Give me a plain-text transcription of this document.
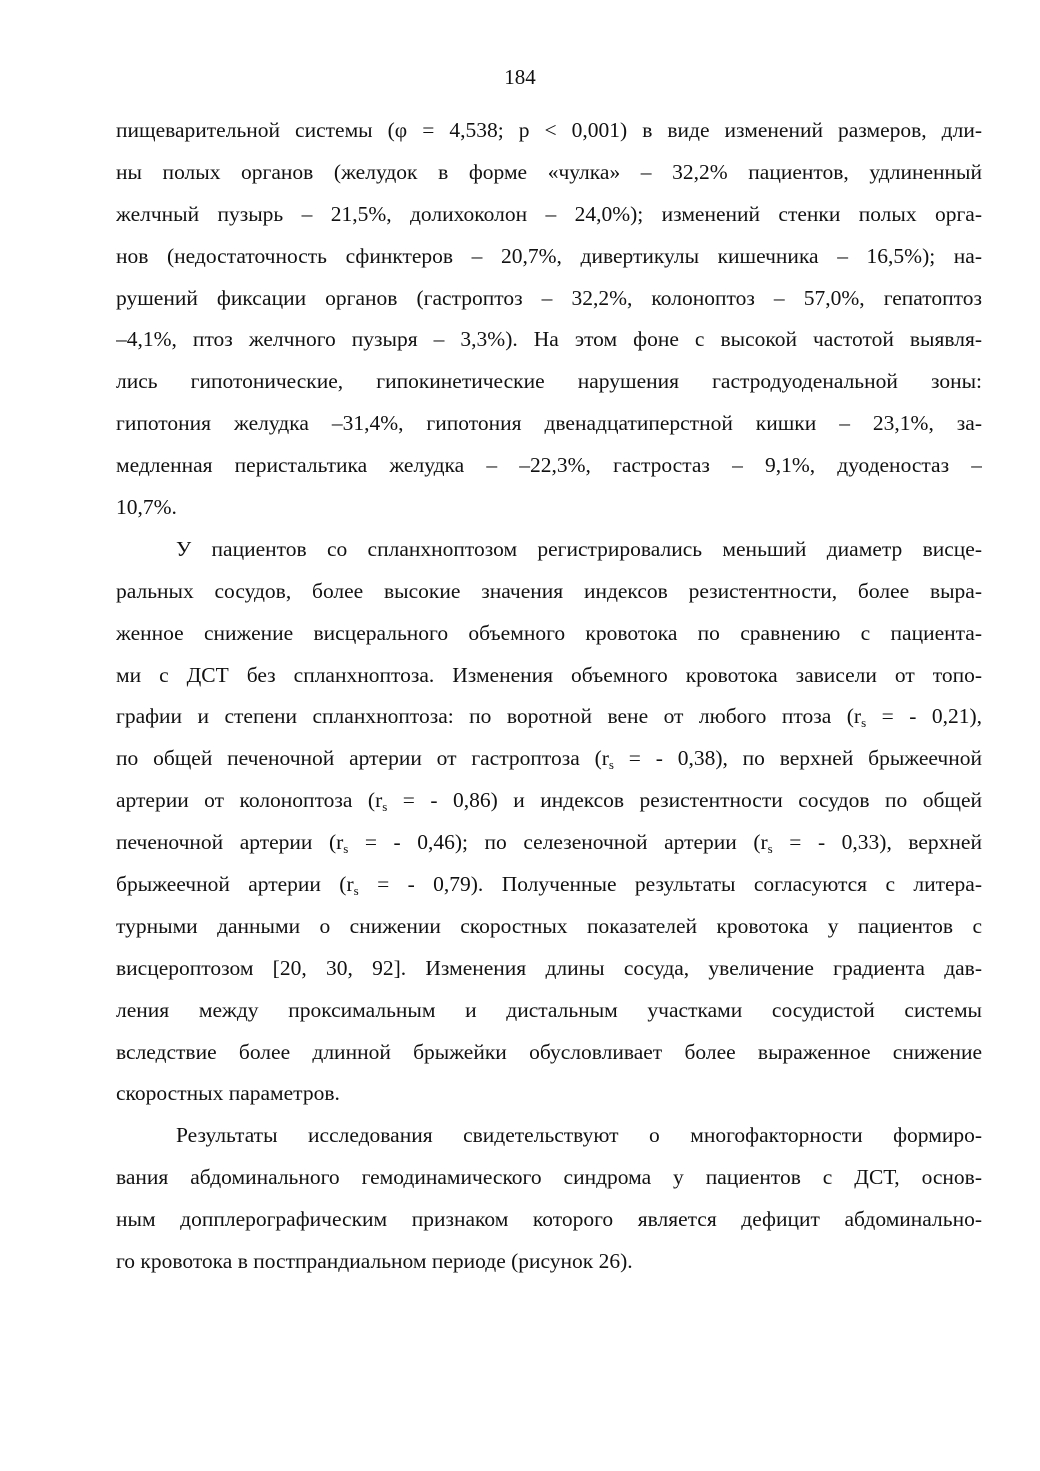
184
пищеварительной системы (φ = 4,538; р < 0,001) в виде изменений размеров, дли-
ны полых органов (желудок в форме «чулка» – 32,2% пациентов, удлиненный
желчный пузырь – 21,5%, долихоколон – 24,0%); изменений стенки полых орга-
нов (недостаточность сфинктеров – 20,7%, дивертикулы кишечника – 16,5%); на-
рушений фиксации органов (гастроптоз – 32,2%, колоноптоз – 57,0%, гепатоптоз
–4,1%, птоз желчного пузыря – 3,3%). На этом фоне с высокой частотой выявля-
лись гипотонические, гипокинетические нарушения гастродуоденальной зоны:
гипотония желудка –31,4%, гипотония двенадцатиперстной кишки – 23,1%, за-
медленная перистальтика желудка – –22,3%, гастростаз – 9,1%, дуоденостаз –
10,7%.
У пациентов со спланхноптозом регистрировались меньший диаметр висце-
ральных сосудов, более высокие значения индексов резистентности, более выра-
женное снижение висцерального объемного кровотока по сравнению с пациента-
ми с ДСТ без спланхноптоза. Изменения объемного кровотока зависели от топо-
графии и степени спланхноптоза: по воротной вене от любого птоза ($r_s$ = - 0,21),
по общей печеночной артерии от гастроптоза ($r_s$ = - 0,38), по верхней брыжеечной
артерии от колоноптоза ($r_s$ = - 0,86) и индексов резистентности сосудов по общей
печеночной артерии ($r_s$ = - 0,46); по селезеночной артерии ($r_s$ = - 0,33), верхней
брыжеечной артерии ($r_s$ = - 0,79). Полученные результаты согласуются с литера-
турными данными о снижении скоростных показателей кровотока у пациентов с
висцероптозом [20, 30, 92]. Изменения длины сосуда, увеличение градиента дав-
ления между проксимальным и дистальным участками сосудистой системы
вследствие более длинной брыжейки обусловливает более выраженное снижение
скоростных параметров.
Результаты исследования свидетельствуют о многофакторности формиро-
вания абдоминального гемодинамического синдрома у пациентов с ДСТ, основ-
ным допплерографическим признаком которого является дефицит абдоминально-
го кровотока в постпрандиальном периоде (рисунок 26).
